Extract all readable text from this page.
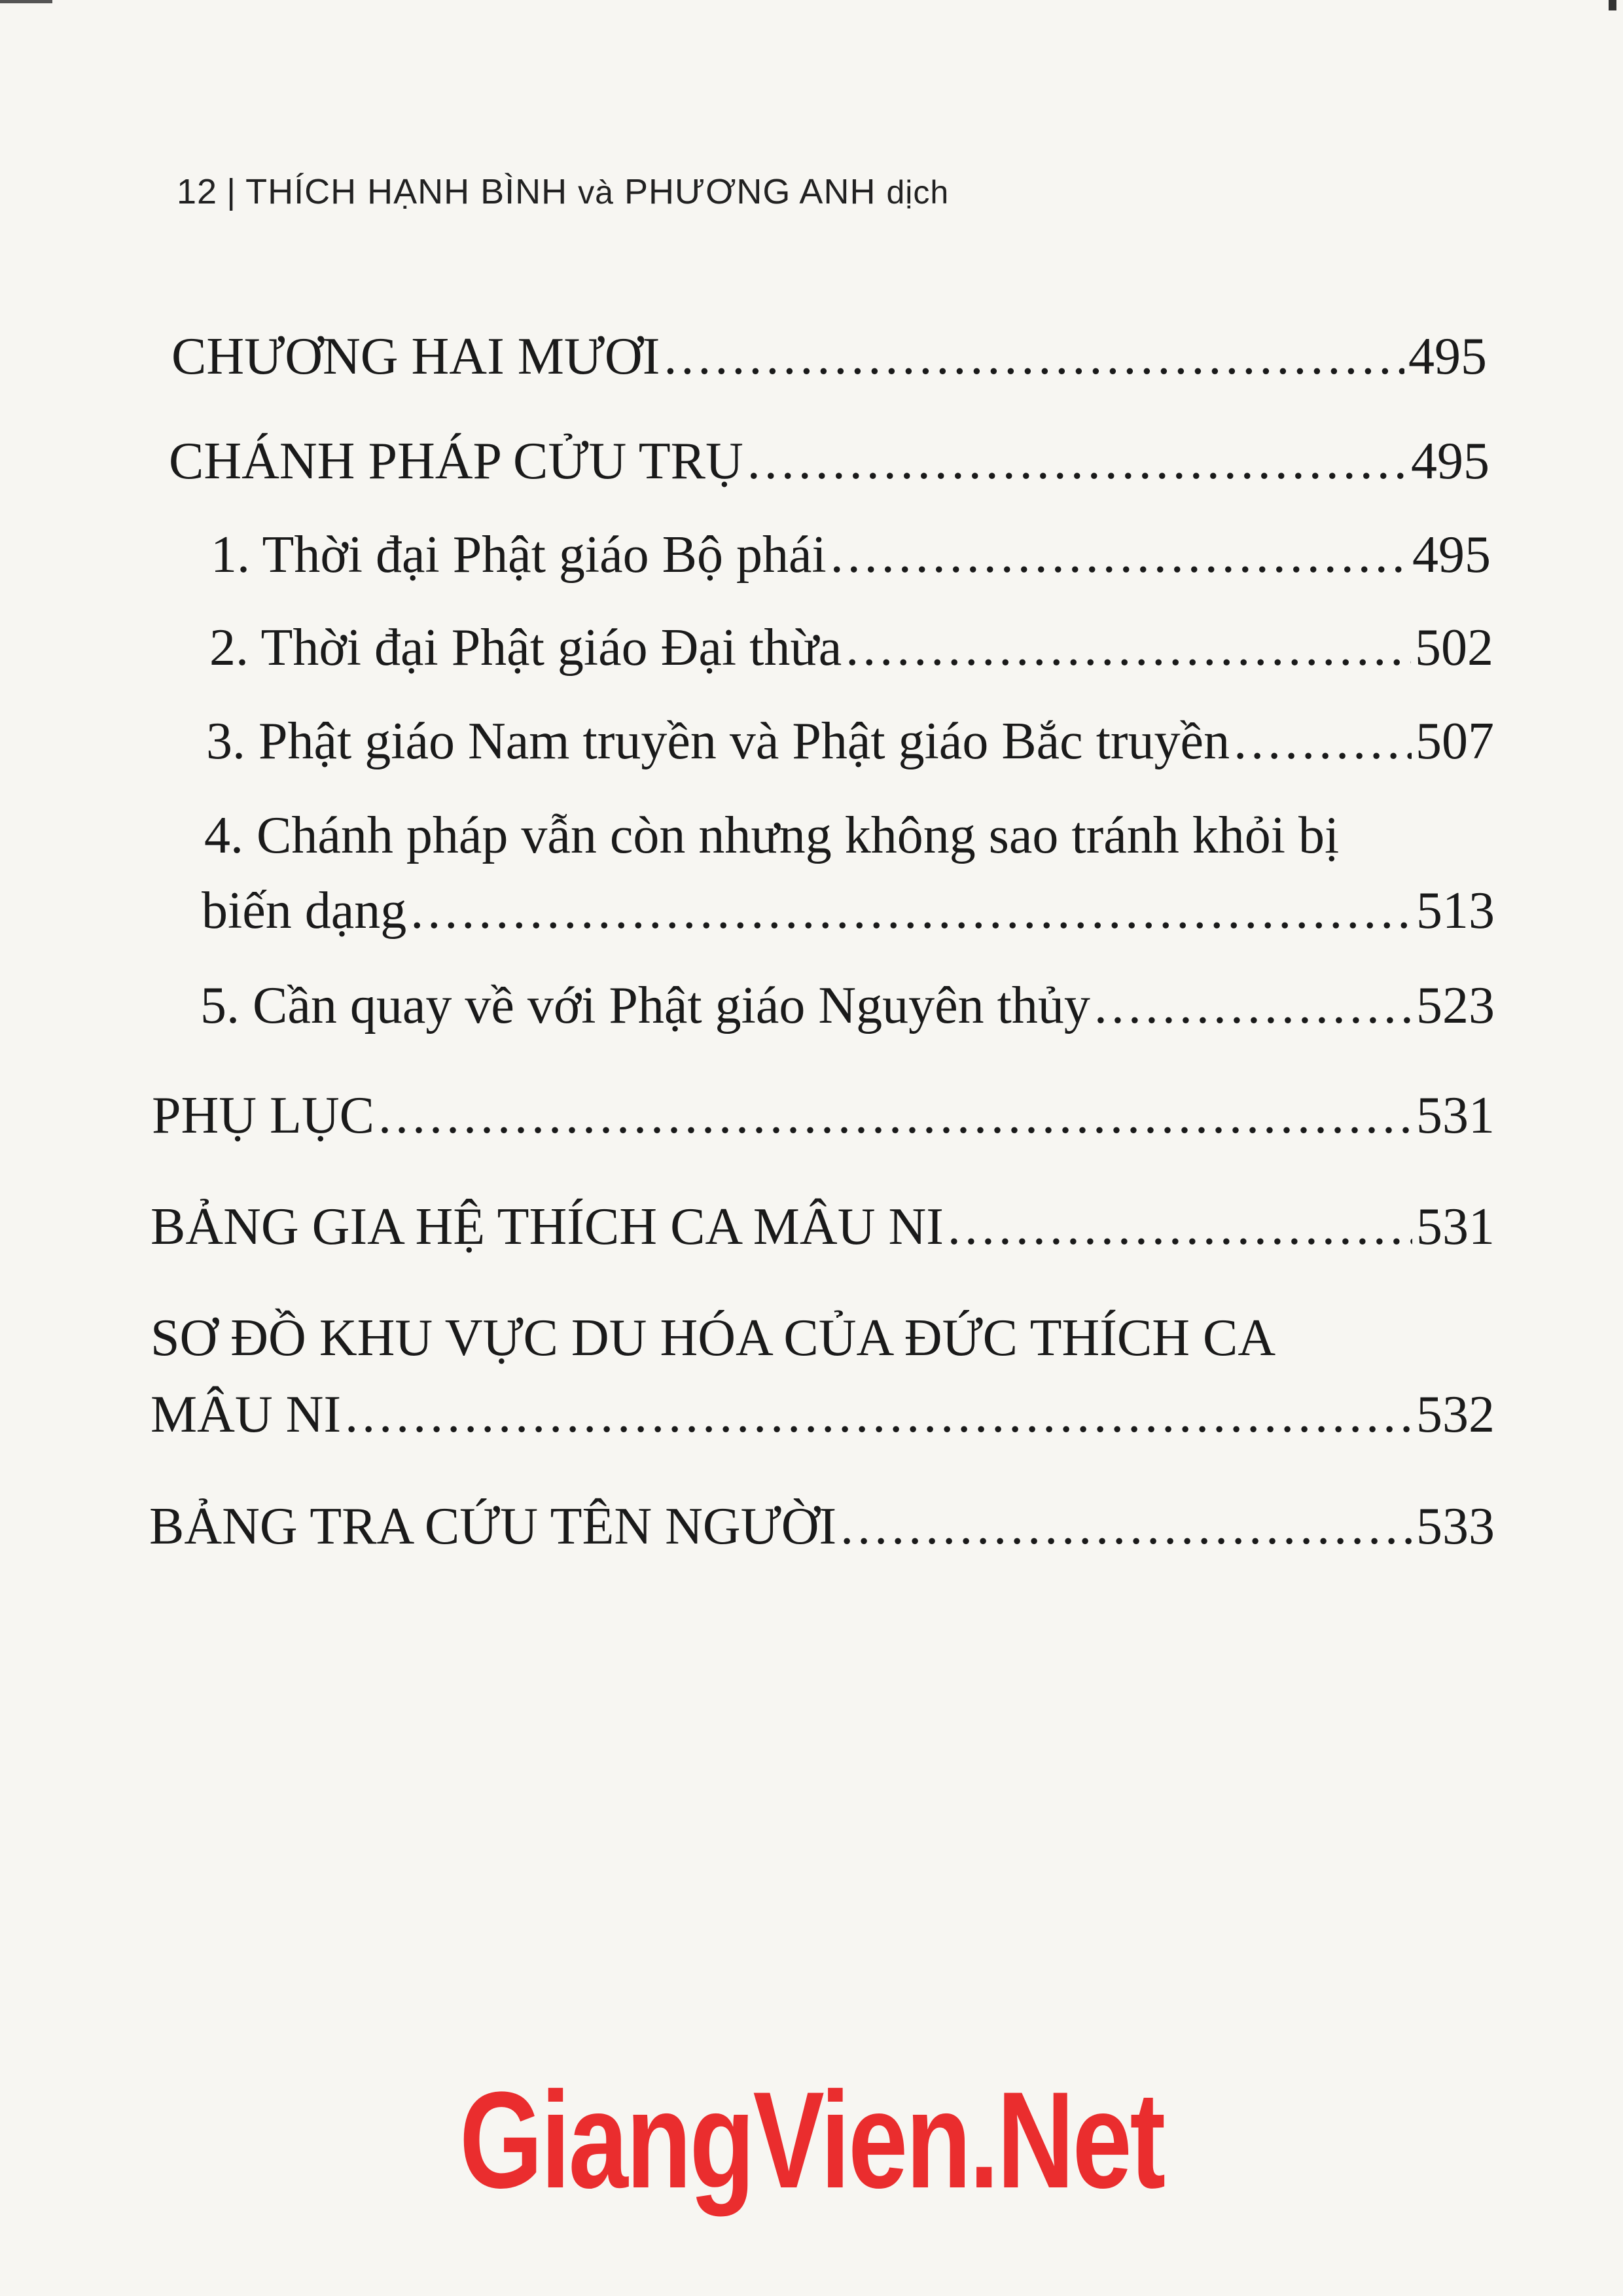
12 | THÍCH HẠNH BÌNH và PHƯƠNG ANH dịch
CHƯƠNG HAI MƯƠI .....	495
CHÁNH PHÁP CỬU TRỤ .....	495
1. Thời đại Phật giáo Bộ phái .....	495
2. Thời đại Phật giáo Đại thừa .....	502
3. Phật giáo Nam truyền và Phật giáo Bắc truyền .....	507
4. Chánh pháp vẫn còn nhưng không sao tránh khỏi bị
biến dạng .....	513
5. Cần quay về với Phật giáo Nguyên thủy .....	523
PHỤ LỤC .....	531
BẢNG GIA HỆ THÍCH CA MÂU NI .....	531
SƠ ĐỒ KHU VỰC DU HÓA CỦA ĐỨC THÍCH CA
MÂU NI .....	532
BẢNG TRA CỨU TÊN NGƯỜI .....	533
GiangVien.Net
